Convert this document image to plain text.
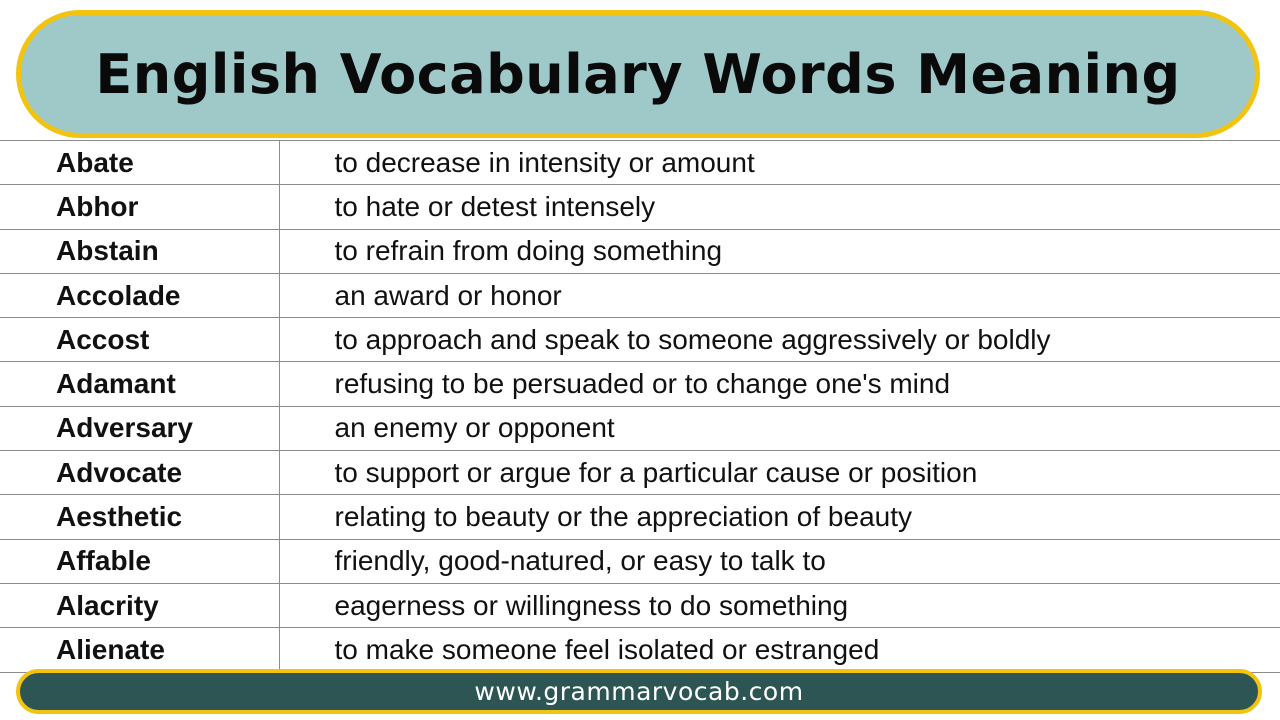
English Vocabulary Words Meaning
Abate	to decrease in intensity or amount
Abhor	to hate or detest intensely
Abstain	to refrain from doing something
Accolade	an award or honor
Accost	to approach and speak to someone aggressively or boldly
Adamant	refusing to be persuaded or to change one's mind
Adversary	an enemy or opponent
Advocate	to support or argue for a particular cause or position
Aesthetic	relating to beauty or the appreciation of beauty
Affable	friendly, good-natured, or easy to talk to
Alacrity	eagerness or willingness to do something
Alienate	to make someone feel isolated or estranged
www.grammarvocab.com
